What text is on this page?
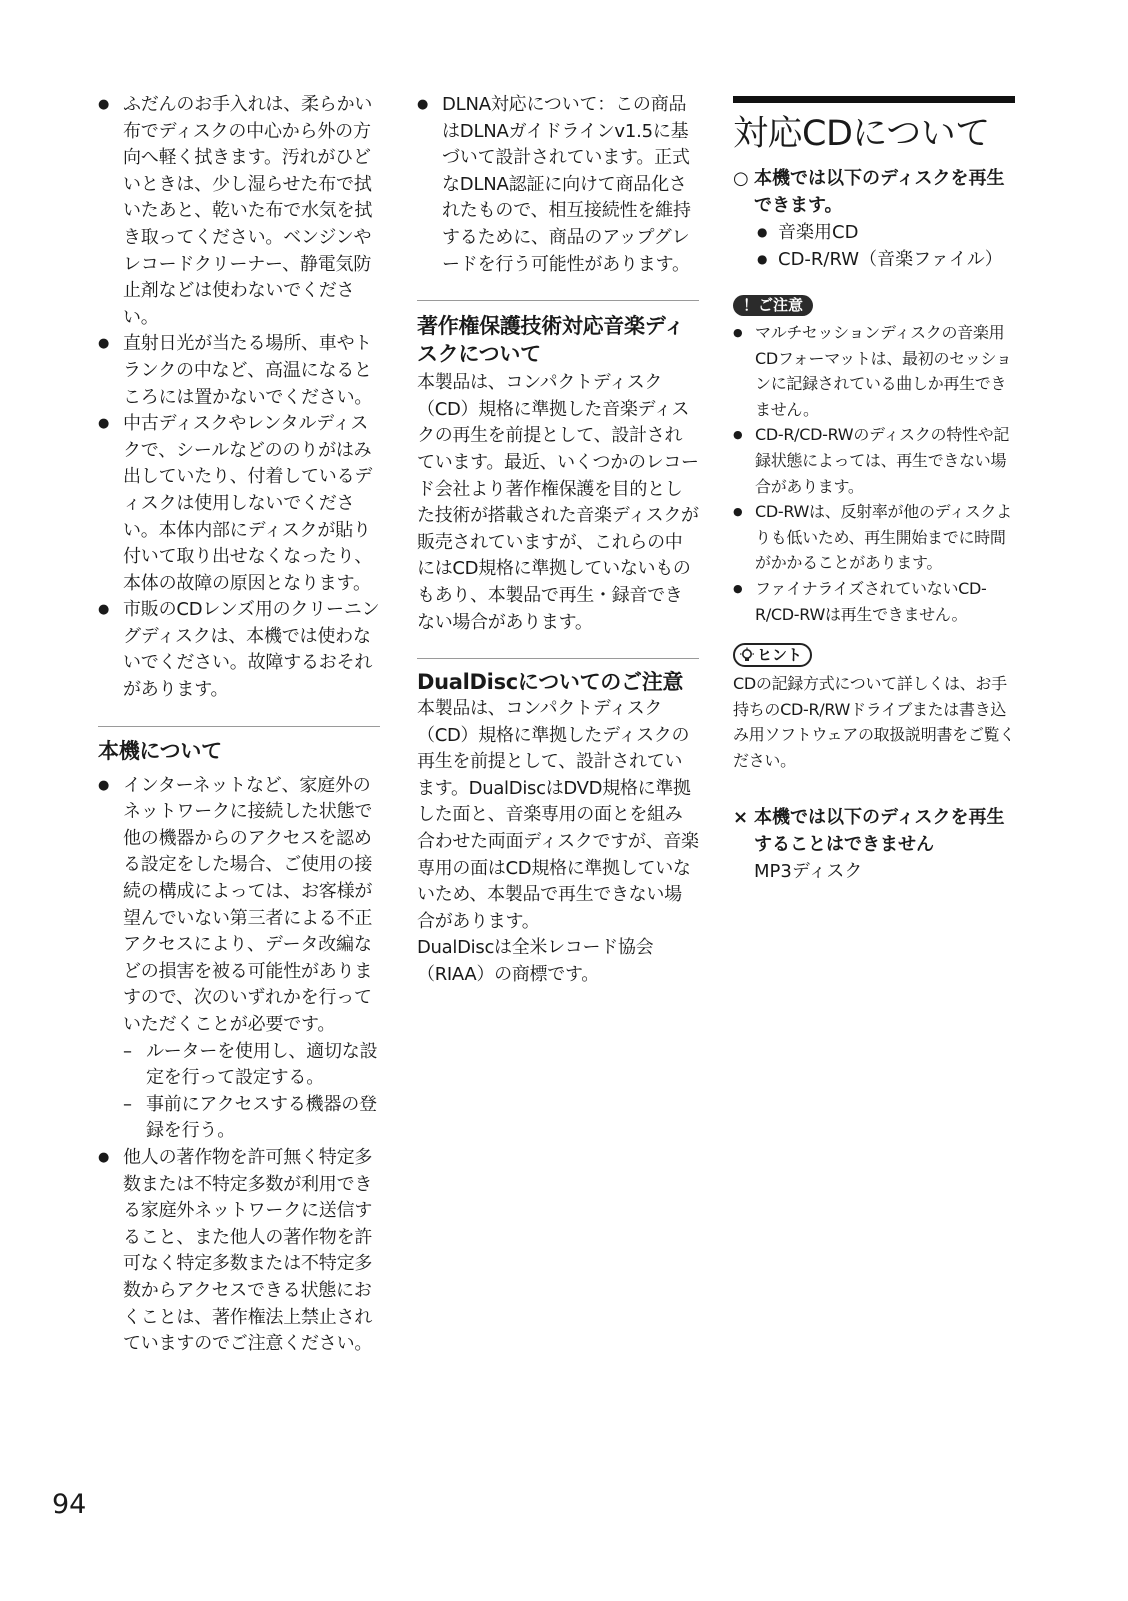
● ふだんのお手入れは、柔らかい布でディスクの中心から外の方向へ軽く拭きます。汚れがひどいときは、少し湿らせた布で拭いたあと、乾いた布で水気を拭き取ってください。ベンジンやレコードクリーナー、静電気防止剤などは使わないでください。
● 直射日光が当たる場所、車やトランクの中など、高温になるところには置かないでください。
● 中古ディスクやレンタルディスクで、シールなどののりがはみ出していたり、付着しているディスクは使用しないでください。本体内部にディスクが貼り付いて取り出せなくなったり、本体の故障の原因となります。
● 市販のCDレンズ用のクリーニングディスクは、本機では使わないでください。故障するおそれがあります。
本機について
● インターネットなど、家庭外のネットワークに接続した状態で他の機器からのアクセスを認める設定をした場合、ご使用の接続の構成によっては、お客様が望んでいない第三者による不正アクセスにより、データ改編などの損害を被る可能性がありますので、次のいずれかを行っていただくことが必要です。
– ルーターを使用し、適切な設定を行って設定する。
– 事前にアクセスする機器の登録を行う。
● 他人の著作物を許可無く特定多数または不特定多数が利用できる家庭外ネットワークに送信すること、また他人の著作物を許可なく特定多数または不特定多数からアクセスできる状態におくことは、著作権法上禁止されていますのでご注意ください。
● DLNA対応について：この商品はDLNAガイドラインv1.5に基づいて設計されています。正式なDLNA認証に向けて商品化されたもので、相互接続性を維持するために、商品のアップグレードを行う可能性があります。
著作権保護技術対応音楽ディスクについて

本製品は、コンパクトディスク（CD）規格に準拠した音楽ディスクの再生を前提として、設計されています。最近、いくつかのレコード会社より著作権保護を目的とした技術が搭載された音楽ディスクが販売されていますが、これらの中にはCD規格に準拠していないものもあり、本製品で再生・録音できない場合があります。

DualDiscについてのご注意

本製品は、コンパクトディスク（CD）規格に準拠したディスクの再生を前提として、設計されています。DualDiscはDVD規格に準拠した面と、音楽専用の面とを組み合わせた両面ディスクですが、音楽専用の面はCD規格に準拠していないため、本製品で再生できない場合があります。

DualDiscは全米レコード協会（RIAA）の商標です。

対応CDについて
○ 本機では以下のディスクを再生できます。
● 音楽用CD
● CD-R/RW（音楽ファイル）
！ご注意
● マルチセッションディスクの音楽用CDフォーマットは、最初のセッションに記録されている曲しか再生できません。
● CD-R/CD-RWのディスクの特性や記録状態によっては、再生できない場合があります。
● CD-RWは、反射率が他のディスクよりも低いため、再生開始までに時間がかかることがあります。
● ファイナライズされていないCD-R/CD-RWは再生できません。
ヒント

CDの記録方式について詳しくは、お手持ちのCD-R/RWドライブまたは書き込み用ソフトウェアの取扱説明書をご覧ください。

× 本機では以下のディスクを再生することはできません
MP3ディスク
94
